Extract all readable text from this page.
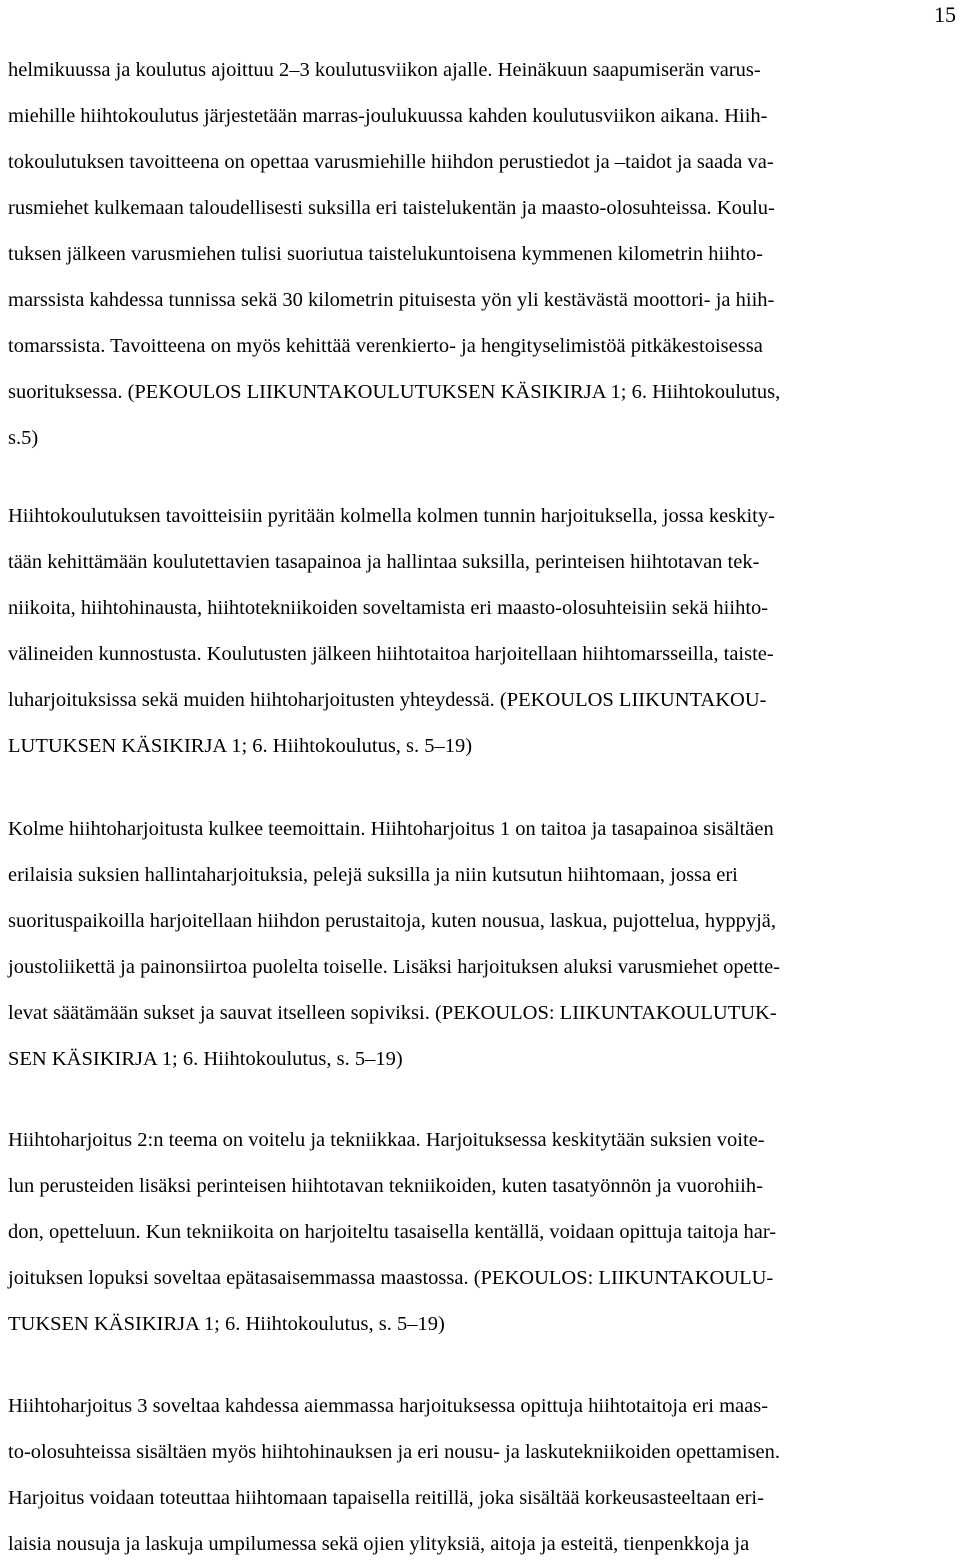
15
helmikuussa ja koulutus ajoittuu 2–3 koulutusviikon ajalle. Heinäkuun saapumiserän varus-
miehille hiihtokoulutus järjestetään marras-joulukuussa kahden koulutusviikon aikana. Hiih-
tokoulutuksen tavoitteena on opettaa varusmiehille hiihdon perustiedot ja –taidot ja saada va-
rusmiehet kulkemaan taloudellisesti suksilla eri taistelukentän ja maasto-olosuhteissa. Koulu-
tuksen jälkeen varusmiehen tulisi suoriutua taistelukuntoisena kymmenen kilometrin hiihto-
marssista kahdessa tunnissa sekä 30 kilometrin pituisesta yön yli kestävästä moottori- ja hiih-
tomarssista. Tavoitteena on myös kehittää verenkierto- ja hengityselimistöä pitkäkestoisessa
suorituksessa. (PEKOULOS LIIKUNTAKOULUTUKSEN KÄSIKIRJA 1; 6. Hiihtokoulutus,
s.5)
Hiihtokoulutuksen tavoitteisiin pyritään kolmella kolmen tunnin harjoituksella, jossa keskity-
tään kehittämään koulutettavien tasapainoa ja hallintaa suksilla, perinteisen hiihtotavan tek-
niikoita, hiihtohinausta, hiihtotekniikoiden soveltamista eri maasto-olosuhteisiin sekä hiihto-
välineiden kunnostusta. Koulutusten jälkeen hiihtotaitoa harjoitellaan hiihtomarsseilla, taiste-
luharjoituksissa sekä muiden hiihtoharjoitusten yhteydessä. (PEKOULOS LIIKUNTAKOU-
LUTUKSEN KÄSIKIRJA 1; 6. Hiihtokoulutus, s. 5–19)
Kolme hiihtoharjoitusta kulkee teemoittain. Hiihtoharjoitus 1 on taitoa ja tasapainoa sisältäen
erilaisia suksien hallintaharjoituksia, pelejä suksilla ja niin kutsutun hiihtomaan, jossa eri
suorituspaikoilla harjoitellaan hiihdon perustaitoja, kuten nousua, laskua, pujottelua, hyppyjä,
joustoliikettä ja painonsiirtoa puolelta toiselle. Lisäksi harjoituksen aluksi varusmiehet opette-
levat säätämään sukset ja sauvat itselleen sopiviksi. (PEKOULOS: LIIKUNTAKOULUTUK-
SEN KÄSIKIRJA 1; 6. Hiihtokoulutus, s. 5–19)
Hiihtoharjoitus 2:n teema on voitelu ja tekniikkaa. Harjoituksessa keskitytään suksien voite-
lun perusteiden lisäksi perinteisen hiihtotavan tekniikoiden, kuten tasatyönnön ja vuorohiih-
don, opetteluun. Kun tekniikoita on harjoiteltu tasaisella kentällä, voidaan opittuja taitoja har-
joituksen lopuksi soveltaa epätasaisemmassa maastossa. (PEKOULOS: LIIKUNTAKOULU-
TUKSEN KÄSIKIRJA 1; 6. Hiihtokoulutus, s. 5–19)
Hiihtoharjoitus 3 soveltaa kahdessa aiemmassa harjoituksessa opittuja hiihtotaitoja eri maas-
to-olosuhteissa sisältäen myös hiihtohinauksen ja eri nousu- ja laskutekniikoiden opettamisen.
Harjoitus voidaan toteuttaa hiihtomaan tapaisella reitillä, joka sisältää korkeusasteeltaan eri-
laisia nousuja ja laskuja umpilumessa sekä ojien ylityksiä, aitoja ja esteitä, tienpenkkoja ja
